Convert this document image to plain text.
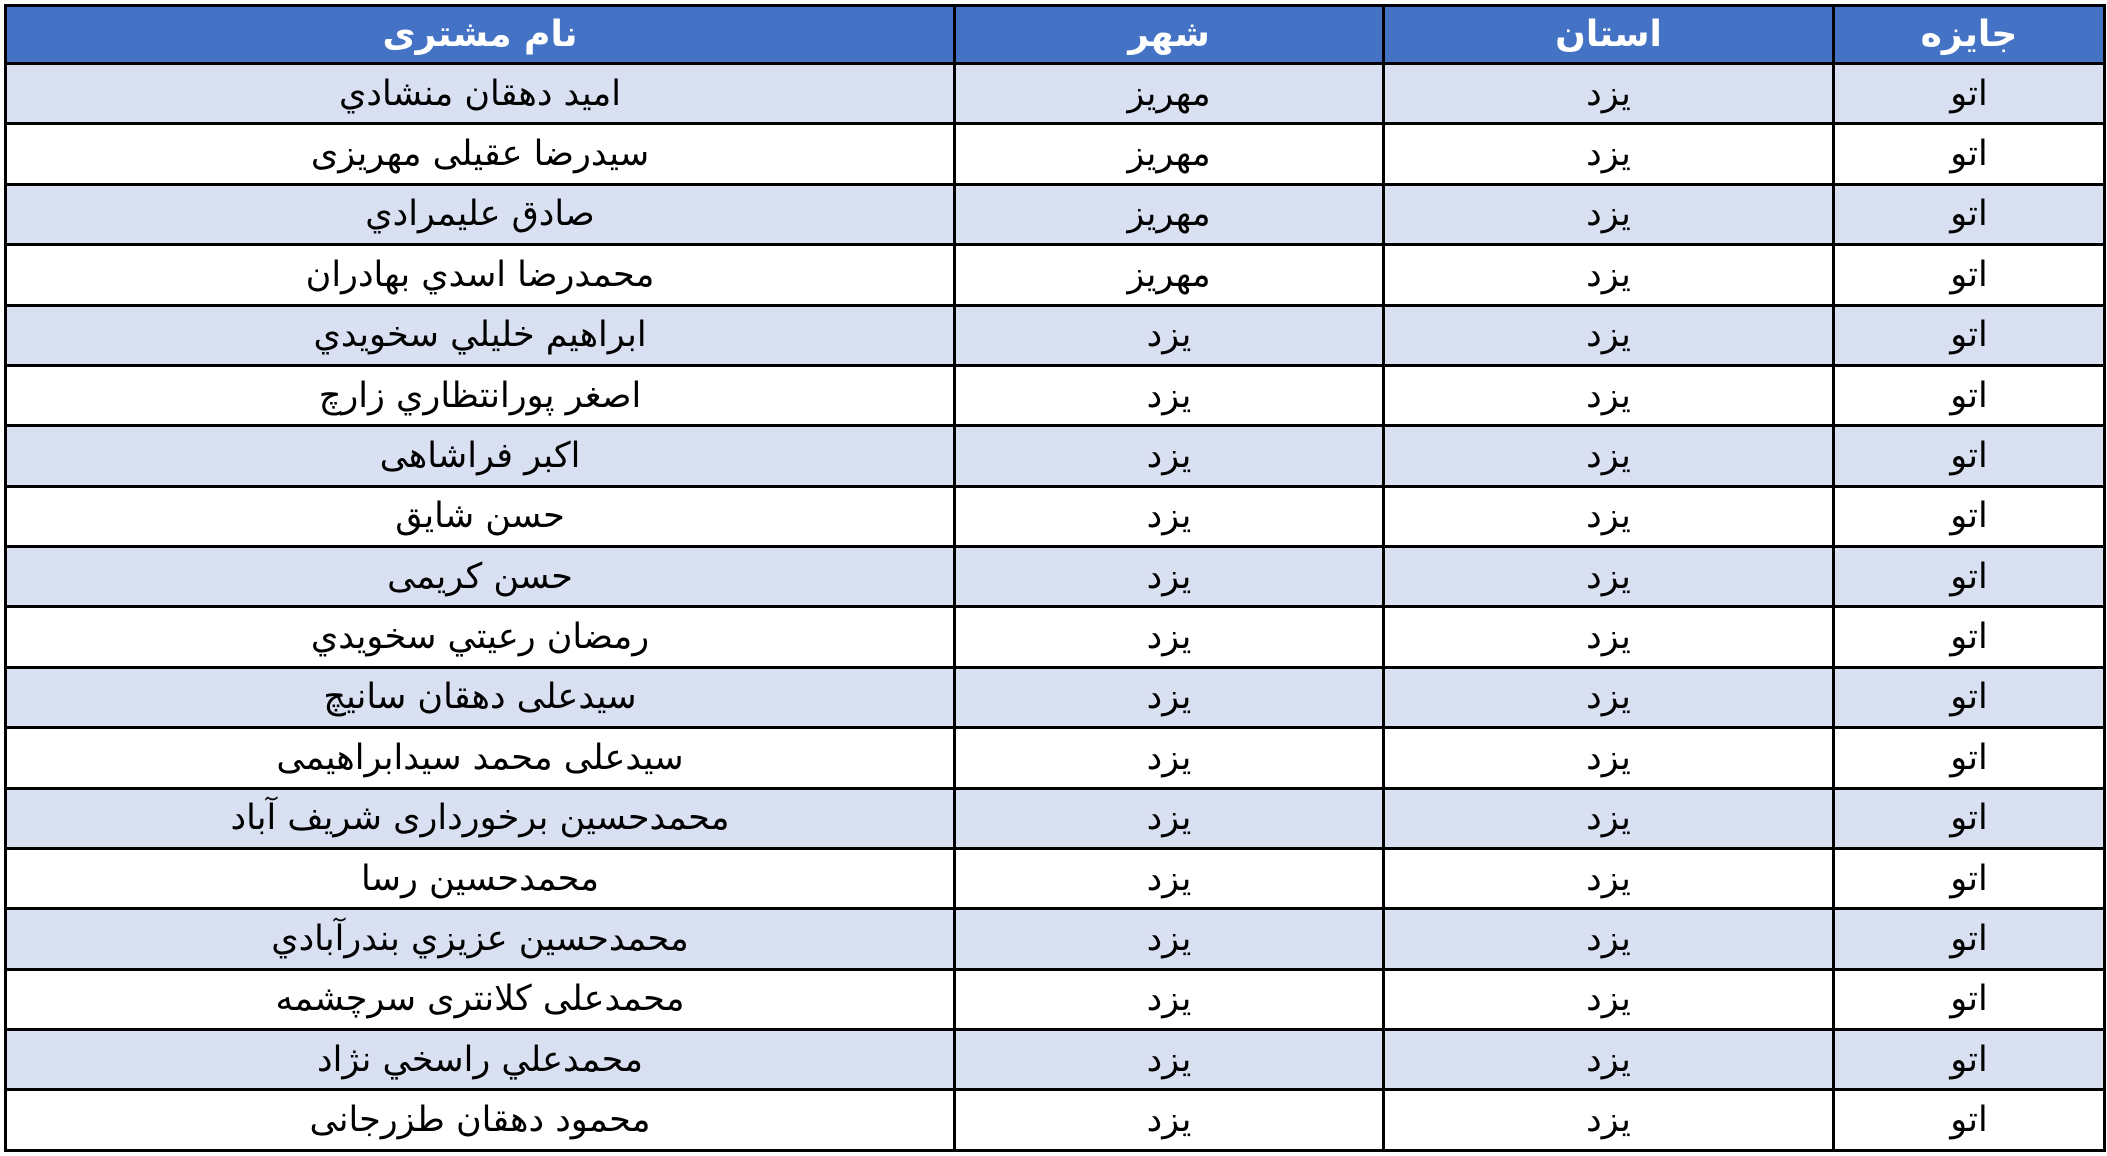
نام مشتری	شهر	استان	جایزه
امید دهقان منشادي	مهریز	یزد	اتو
سیدرضا عقیلی مهریزی	مهریز	یزد	اتو
صادق علیمرادي	مهریز	یزد	اتو
محمدرضا اسدي بهادران	مهریز	یزد	اتو
ابراهیم خلیلي سخویدي	یزد	یزد	اتو
اصغر پورانتظاري زارچ	یزد	یزد	اتو
اکبر فراشاهی	یزد	یزد	اتو
حسن شایق	یزد	یزد	اتو
حسن کریمی	یزد	یزد	اتو
رمضان رعیتي سخویدي	یزد	یزد	اتو
سیدعلی دهقان سانیچ	یزد	یزد	اتو
سیدعلی محمد سیدابراهیمی	یزد	یزد	اتو
محمدحسین برخورداری شریف آباد	یزد	یزد	اتو
محمدحسین رسا	یزد	یزد	اتو
محمدحسین عزیزي بندرآبادي	یزد	یزد	اتو
محمدعلی کلانتری سرچشمه	یزد	یزد	اتو
محمدعلي راسخي نژاد	یزد	یزد	اتو
محمود دهقان طزرجانی	یزد	یزد	اتو
